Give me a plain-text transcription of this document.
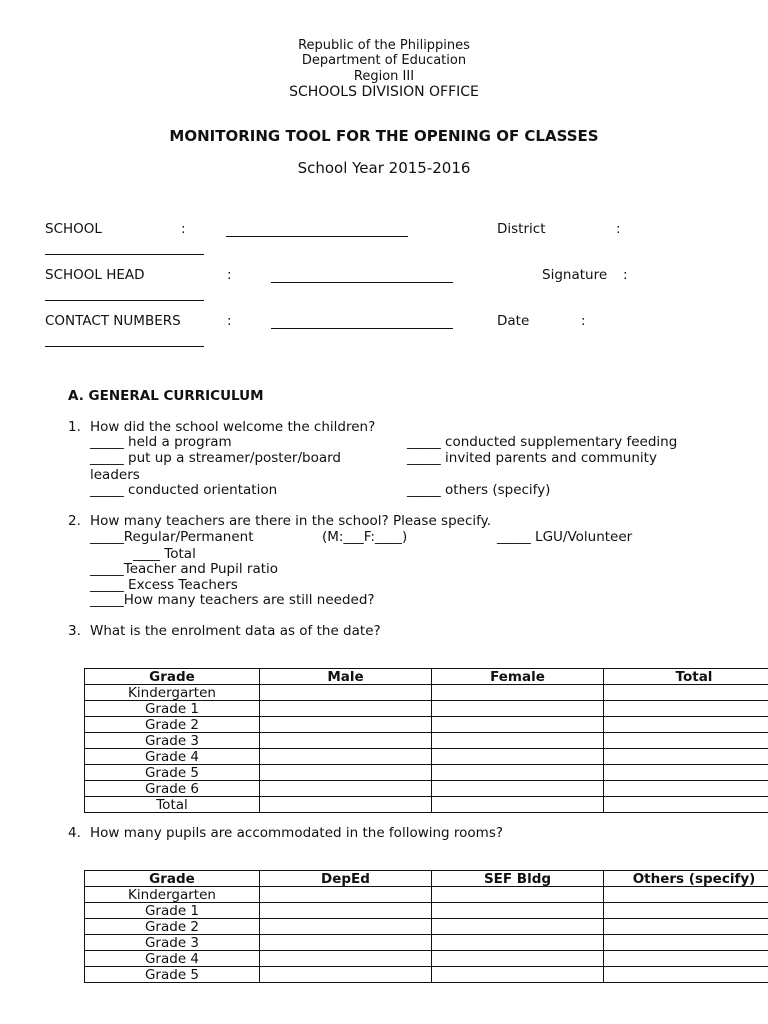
Republic of the Philippines
Department of Education
Region III
SCHOOLS DIVISION OFFICE
MONITORING TOOL FOR THE OPENING OF CLASSES
School Year 2015-2016
SCHOOL	:	District	:
SCHOOL HEAD	:	Signature :
CONTACT NUMBERS	:	Date	:
A. GENERAL CURRICULUM
1. How did the school welcome the children?
_____ held a program	_____ conducted supplementary feeding
_____ put up a streamer/poster/board	_____ invited parents and community
leaders
_____ conducted orientation	_____ others (specify)
2. How many teachers are there in the school? Please specify.
_____Regular/Permanent	(M:___F:____)	_____ LGU/Volunteer
____ Total
_____Teacher and Pupil ratio
_____ Excess Teachers
_____How many teachers are still needed?
3. What is the enrolment data as of the date?
Grade	Male	Female	Total
Kindergarten			
Grade 1			
Grade 2			
Grade 3			
Grade 4			
Grade 5			
Grade 6			
Total			
4. How many pupils are accommodated in the following rooms?
Grade	DepEd	SEF Bldg	Others (specify)
Kindergarten			
Grade 1			
Grade 2			
Grade 3			
Grade 4			
Grade 5			
